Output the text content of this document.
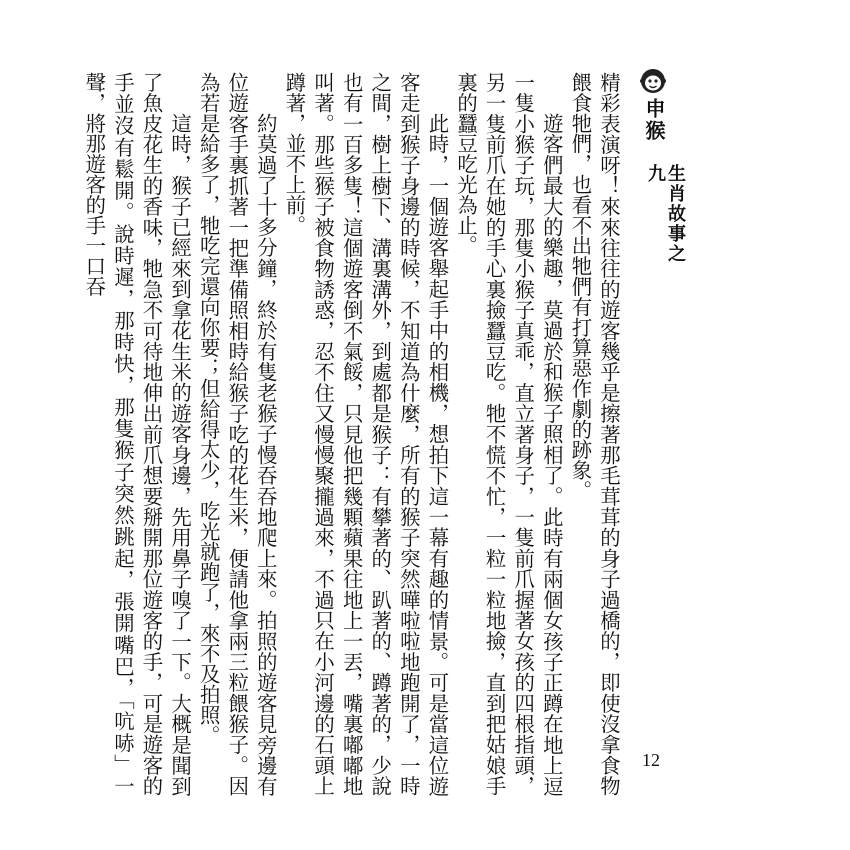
申猴
生肖故事之九

精彩表演呀！來來往往的遊客幾乎是擦著那毛茸茸的身子過橋的，即使沒拿食物餵食牠們，也看不出牠們有打算惡作劇的跡象。

遊客們最大的樂趣，莫過於和猴子照相了。此時有兩個女孩子正蹲在地上逗一隻小猴子玩，那隻小猴子真乖，直立著身子，一隻前爪握著女孩的四根指頭，另一隻前爪在她的手心裏撿蠶豆吃。牠不慌不忙，一粒一粒地撿，直到把姑娘手裏的蠶豆吃光為止。

此時，一個遊客舉起手中的相機，想拍下這一幕有趣的情景。可是當這位遊客走到猴子身邊的時候，不知道為什麼，所有的猴子突然嘩啦啦地跑開了，一時之間，樹上樹下、溝裏溝外，到處都是猴子：有攀著的、趴著的、蹲著的，少說也有一百多隻！這個遊客倒不氣餒，只見他把幾顆蘋果往地上一丟，嘴裏嘟嘟地叫著。那些猴子被食物誘惑，忍不住又慢慢聚攏過來，不過只在小河邊的石頭上蹲著，並不上前。

約莫過了十多分鐘，終於有隻老猴子慢吞吞地爬上來。拍照的遊客見旁邊有位遊客手裏抓著一把準備照相時給猴子吃的花生米，便請他拿兩三粒餵猴子。因為若是給多了，牠吃完還向你要；但給得太少，吃光就跑了，來不及拍照。

這時，猴子已經來到拿花生米的遊客身邊，先用鼻子嗅了一下。大概是聞到了魚皮花生的香味，牠急不可待地伸出前爪想要掰開那位遊客的手，可是遊客的手並沒有鬆開。說時遲，那時快，那隻猴子突然跳起，張開嘴巴，「吭哧」一聲，將那遊客的手一口吞

12
